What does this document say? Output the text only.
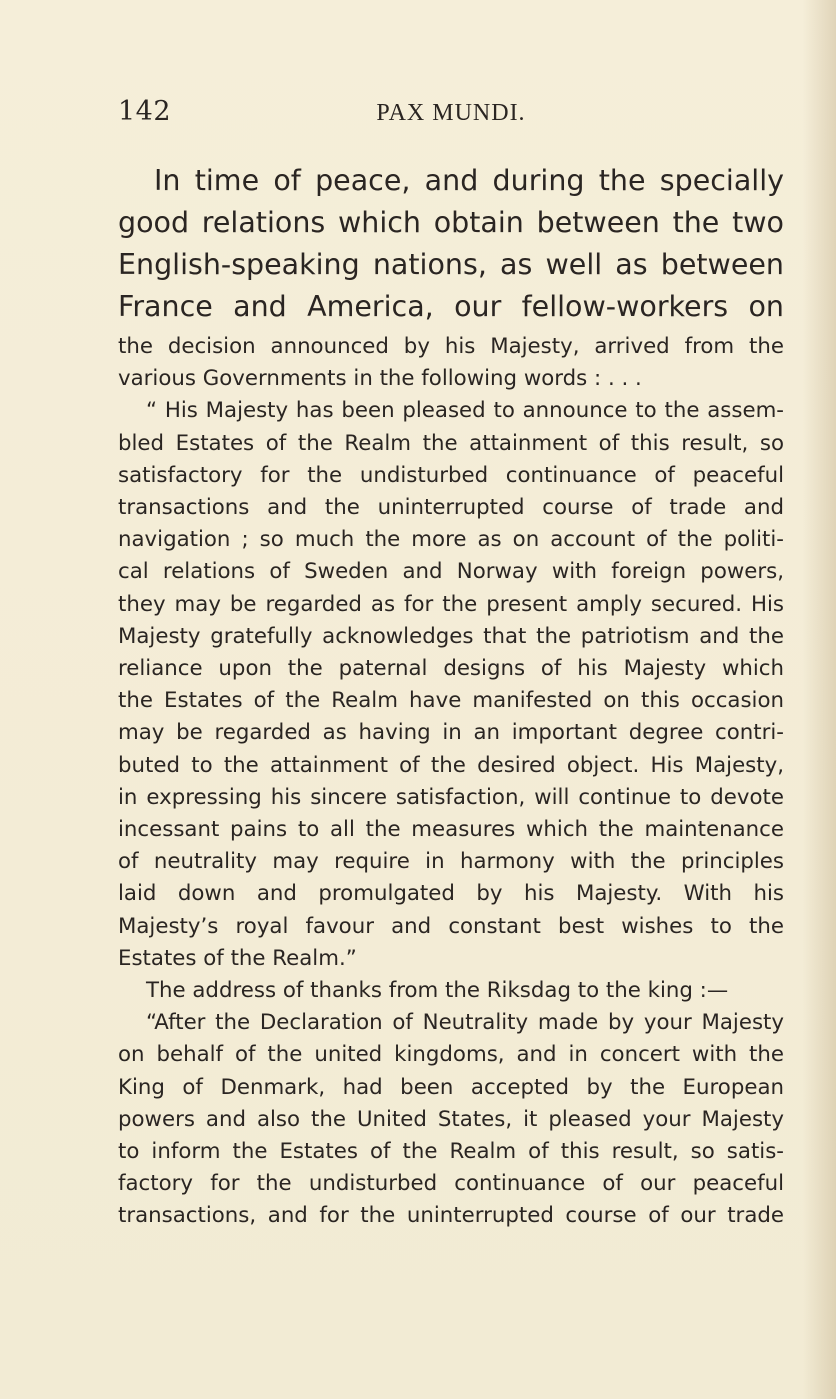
142	PAX MUNDI.
In time of peace, and during the specially
good relations which obtain between the two
English-speaking nations, as well as between
France and America, our fellow-workers on
the decision announced by his Majesty, arrived from the
various Governments in the following words : . . .
“ His Majesty has been pleased to announce to the assem-
bled Estates of the Realm the attainment of this result, so
satisfactory for the undisturbed continuance of peaceful
transactions and the uninterrupted course of trade and
navigation ; so much the more as on account of the politi-
cal relations of Sweden and Norway with foreign powers,
they may be regarded as for the present amply secured. His
Majesty gratefully acknowledges that the patriotism and the
reliance upon the paternal designs of his Majesty which
the Estates of the Realm have manifested on this occasion
may be regarded as having in an important degree contri-
buted to the attainment of the desired object. His Majesty,
in expressing his sincere satisfaction, will continue to devote
incessant pains to all the measures which the maintenance
of neutrality may require in harmony with the principles
laid down and promulgated by his Majesty. With his
Majesty’s royal favour and constant best wishes to the
Estates of the Realm.”
The address of thanks from the Riksdag to the king :—
“After the Declaration of Neutrality made by your Majesty
on behalf of the united kingdoms, and in concert with the
King of Denmark, had been accepted by the European
powers and also the United States, it pleased your Majesty
to inform the Estates of the Realm of this result, so satis-
factory for the undisturbed continuance of our peaceful
transactions, and for the uninterrupted course of our trade
